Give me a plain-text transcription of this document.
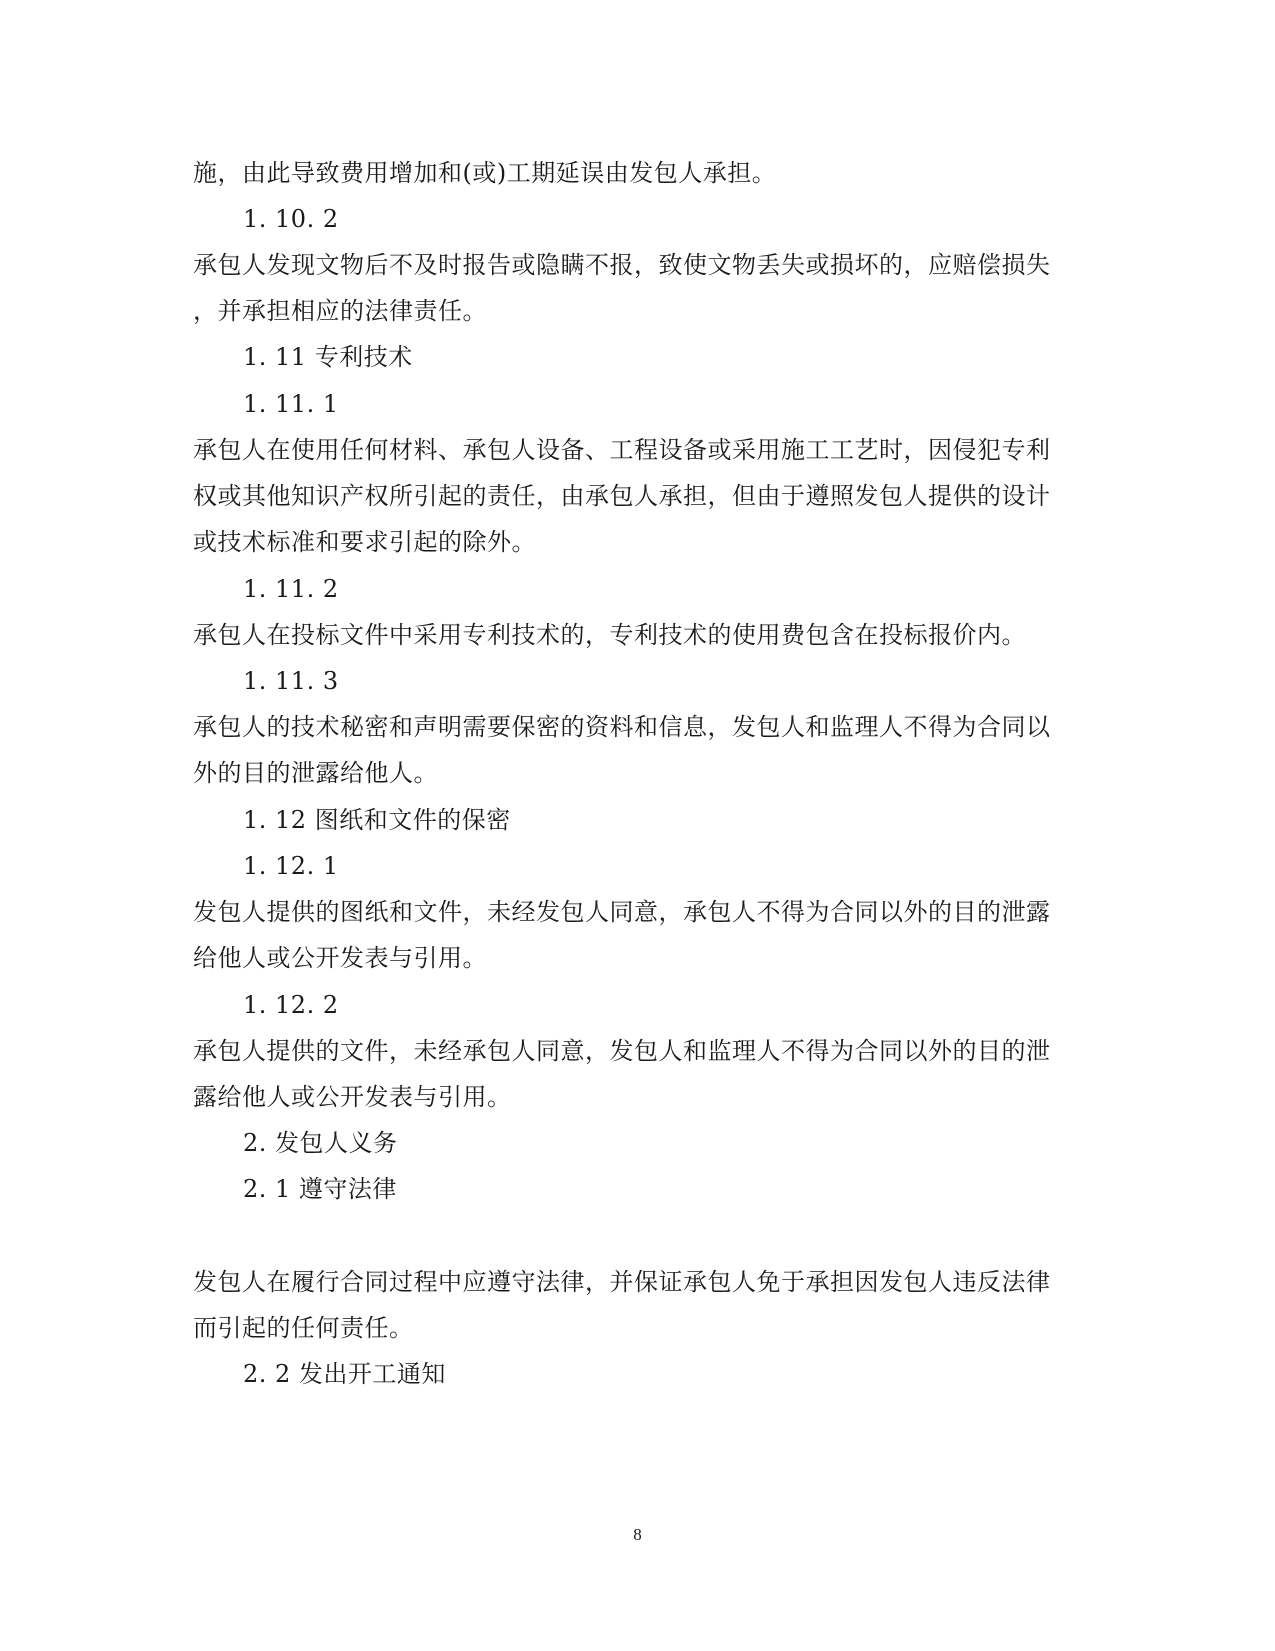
施，由此导致费用增加和(或)工期延误由发包人承担。
1. 10. 2
承包人发现文物后不及时报告或隐瞒不报，致使文物丢失或损坏的，应赔偿损失
，并承担相应的法律责任。
1. 11 专利技术
1. 11. 1
承包人在使用任何材料、承包人设备、工程设备或采用施工工艺时，因侵犯专利
权或其他知识产权所引起的责任，由承包人承担，但由于遵照发包人提供的设计
或技术标准和要求引起的除外。
1. 11. 2
承包人在投标文件中采用专利技术的，专利技术的使用费包含在投标报价内。
1. 11. 3
承包人的技术秘密和声明需要保密的资料和信息，发包人和监理人不得为合同以
外的目的泄露给他人。
1. 12 图纸和文件的保密
1. 12. 1
发包人提供的图纸和文件，未经发包人同意，承包人不得为合同以外的目的泄露
给他人或公开发表与引用。
1. 12. 2
承包人提供的文件，未经承包人同意，发包人和监理人不得为合同以外的目的泄
露给他人或公开发表与引用。
2. 发包人义务
2. 1 遵守法律
发包人在履行合同过程中应遵守法律，并保证承包人免于承担因发包人违反法律
而引起的任何责任。
2. 2 发出开工通知
8
